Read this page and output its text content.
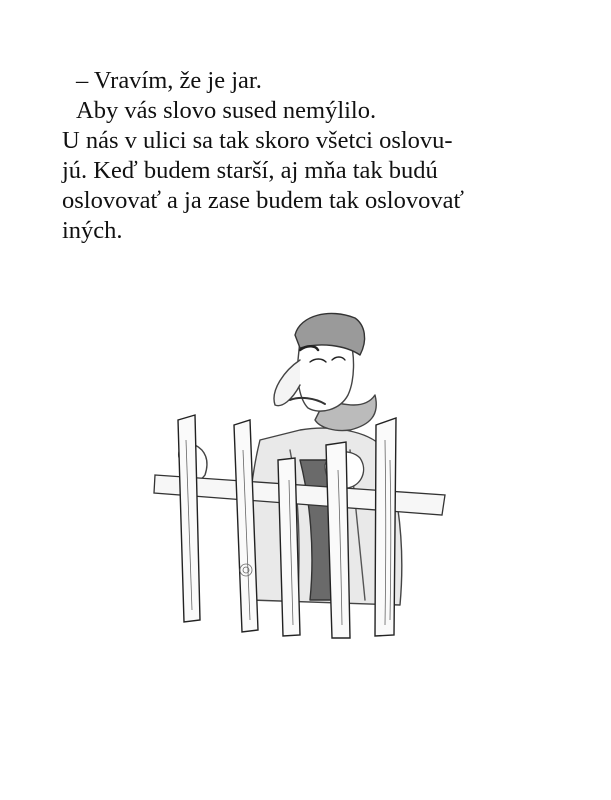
– Vravím, že je jar.
Aby vás slovo sused nemýlilo.
U nás v ulici sa tak skoro všetci oslovu-
jú. Keď budem starší, aj mňa tak budú
oslovovať a ja zase budem tak oslovovať
iných.
